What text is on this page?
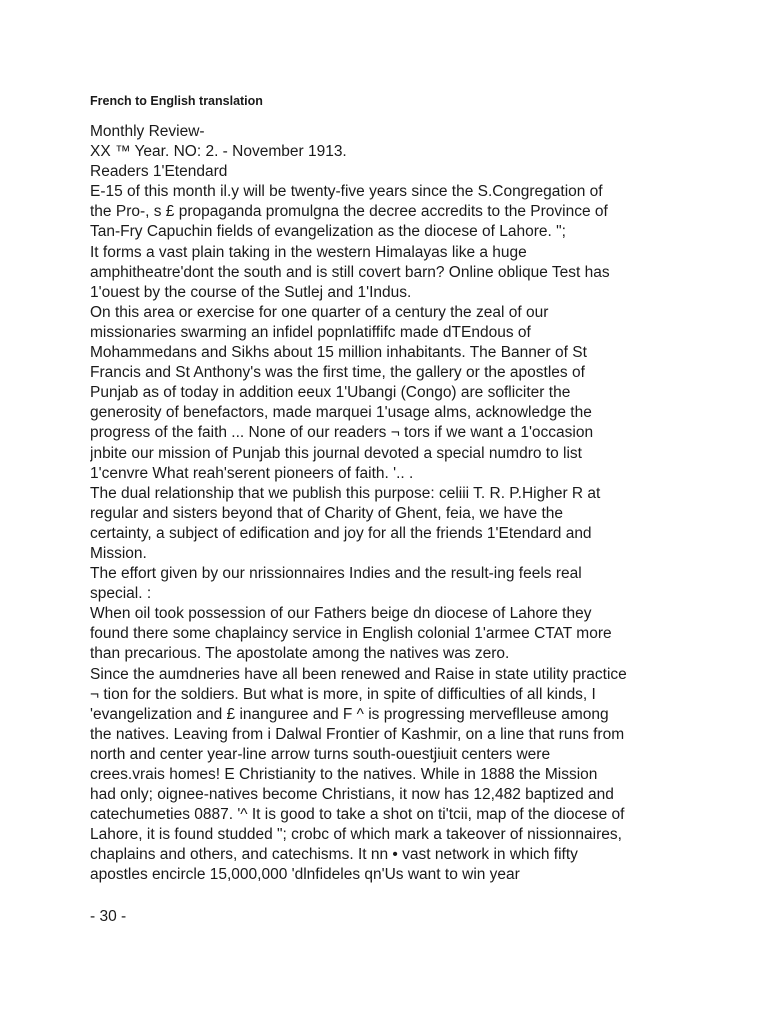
French to English translation
Monthly Review-
XX ™ Year. NO: 2. - November 1913.
Readers 1'Etendard
E-15 of this month il.y will be twenty-five years since the S.Congregation of
the Pro-, s £ propaganda promulgna the decree accredits to the Province of
Tan-Fry Capuchin fields of evangelization as the diocese of Lahore. ";
It forms a vast plain taking in the western Himalayas like a huge
amphitheatre'dont the south and is still covert barn? Online oblique Test has
1'ouest by the course of the Sutlej and 1'Indus.
On this area or exercise for one quarter of a century the zeal of our
missionaries swarming an infidel popnlatiffifc made dTEndous of
Mohammedans and Sikhs about 15 million inhabitants. The Banner of St
Francis and St Anthony's was the first time, the gallery or the apostles of
Punjab as of today in addition eeux 1'Ubangi (Congo) are sofliciter the
generosity of benefactors, made marquei 1'usage alms, acknowledge the
progress of the faith ... None of our readers ¬ tors if we want a 1'occasion
jnbite our mission of Punjab this journal devoted a special numdro to list
1'cenvre What reah'serent pioneers of faith. '.. .
The dual relationship that we publish this purpose: celiii T. R. P.Higher R at
regular and sisters beyond that of Charity of Ghent, feia, we have the
certainty, a subject of edification and joy for all the friends 1'Etendard and
Mission.
The effort given by our nrissionnaires Indies and the result-ing feels real
special. :
When oil took possession of our Fathers beige dn diocese of Lahore they
found there some chaplaincy service in English colonial 1'armee CTAT more
than precarious. The apostolate among the natives was zero.
Since the aumdneries have all been renewed and Raise in state utility practice
¬ tion for the soldiers. But what is more, in spite of difficulties of all kinds, I
'evangelization and £ inanguree and F ^ is progressing merveflleuse among
the natives. Leaving from i Dalwal Frontier of Kashmir, on a line that runs from
north and center year-line arrow turns south-ouestjiuit centers were
crees.vrais homes! E Christianity to the natives. While in 1888 the Mission
had only; oignee-natives become Christians, it now has 12,482 baptized and
catechumeties 0887. '^ It is good to take a shot on ti'tcii, map of the diocese of
Lahore, it is found studded "; crobc of which mark a takeover of nissionnaires,
chaplains and others, and catechisms. It nn • vast network in which fifty
apostles encircle 15,000,000 'dlnfideles qn'Us want to win year
- 30 -
